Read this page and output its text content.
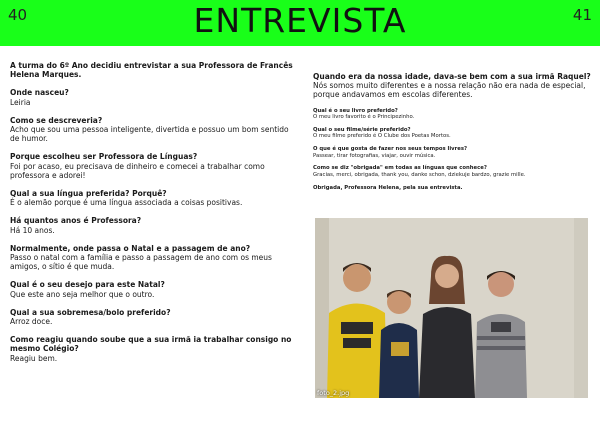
40	ENTREVISTA	41
A turma do 6º Ano decidiu entrevistar a sua Professora de Francês Helena Marques.
Onde nasceu?
Leiria
Como se descreveria?
Acho que sou uma pessoa inteligente, divertida e possuo um bom sentido de humor.
Porque escolheu ser Professora de Línguas?
Foi por acaso, eu precisava de dinheiro e comecei a trabalhar como professora e adorei!
Qual a sua língua preferida? Porquê?
É o alemão porque é uma língua associada a coisas positivas.
Há quantos anos é Professora?
Há 10 anos.
Normalmente, onde passa o Natal e a passagem de ano?
Passo o natal com a família e passo a passagem de ano com os meus amigos, o sítio é que muda.
Qual é o seu desejo para este Natal?
Que este ano seja melhor que o outro.
Qual a sua sobremesa/bolo preferido?
Arroz doce.
Como reagiu quando soube que a sua irmã ia trabalhar consigo no mesmo Colégio?
Reagiu bem.
Quando era da nossa idade, dava-se bem com a sua irmã Raquel?
Nós somos muito diferentes e a nossa relação não era nada de especial, porque andavamos em escolas diferentes.
Qual é o seu livro preferido?
O meu livro favorito é o Principezinho.
Qual o seu filme/série preferido?
O meu filme preferido é O Clube dos Poetas Mortos.
O que é que gosta de fazer nos seus tempos livres?
Passear, tirar fotografias, viajar, ouvir música.
Como se diz "obrigada" em todas as línguas que conhece?
Gracias, merci, obrigada, thank you, danke schon, dziekuje bardzo, grazie mille.
Obrigada, Professora Helena, pela sua entrevista.
foto_2.jpg
